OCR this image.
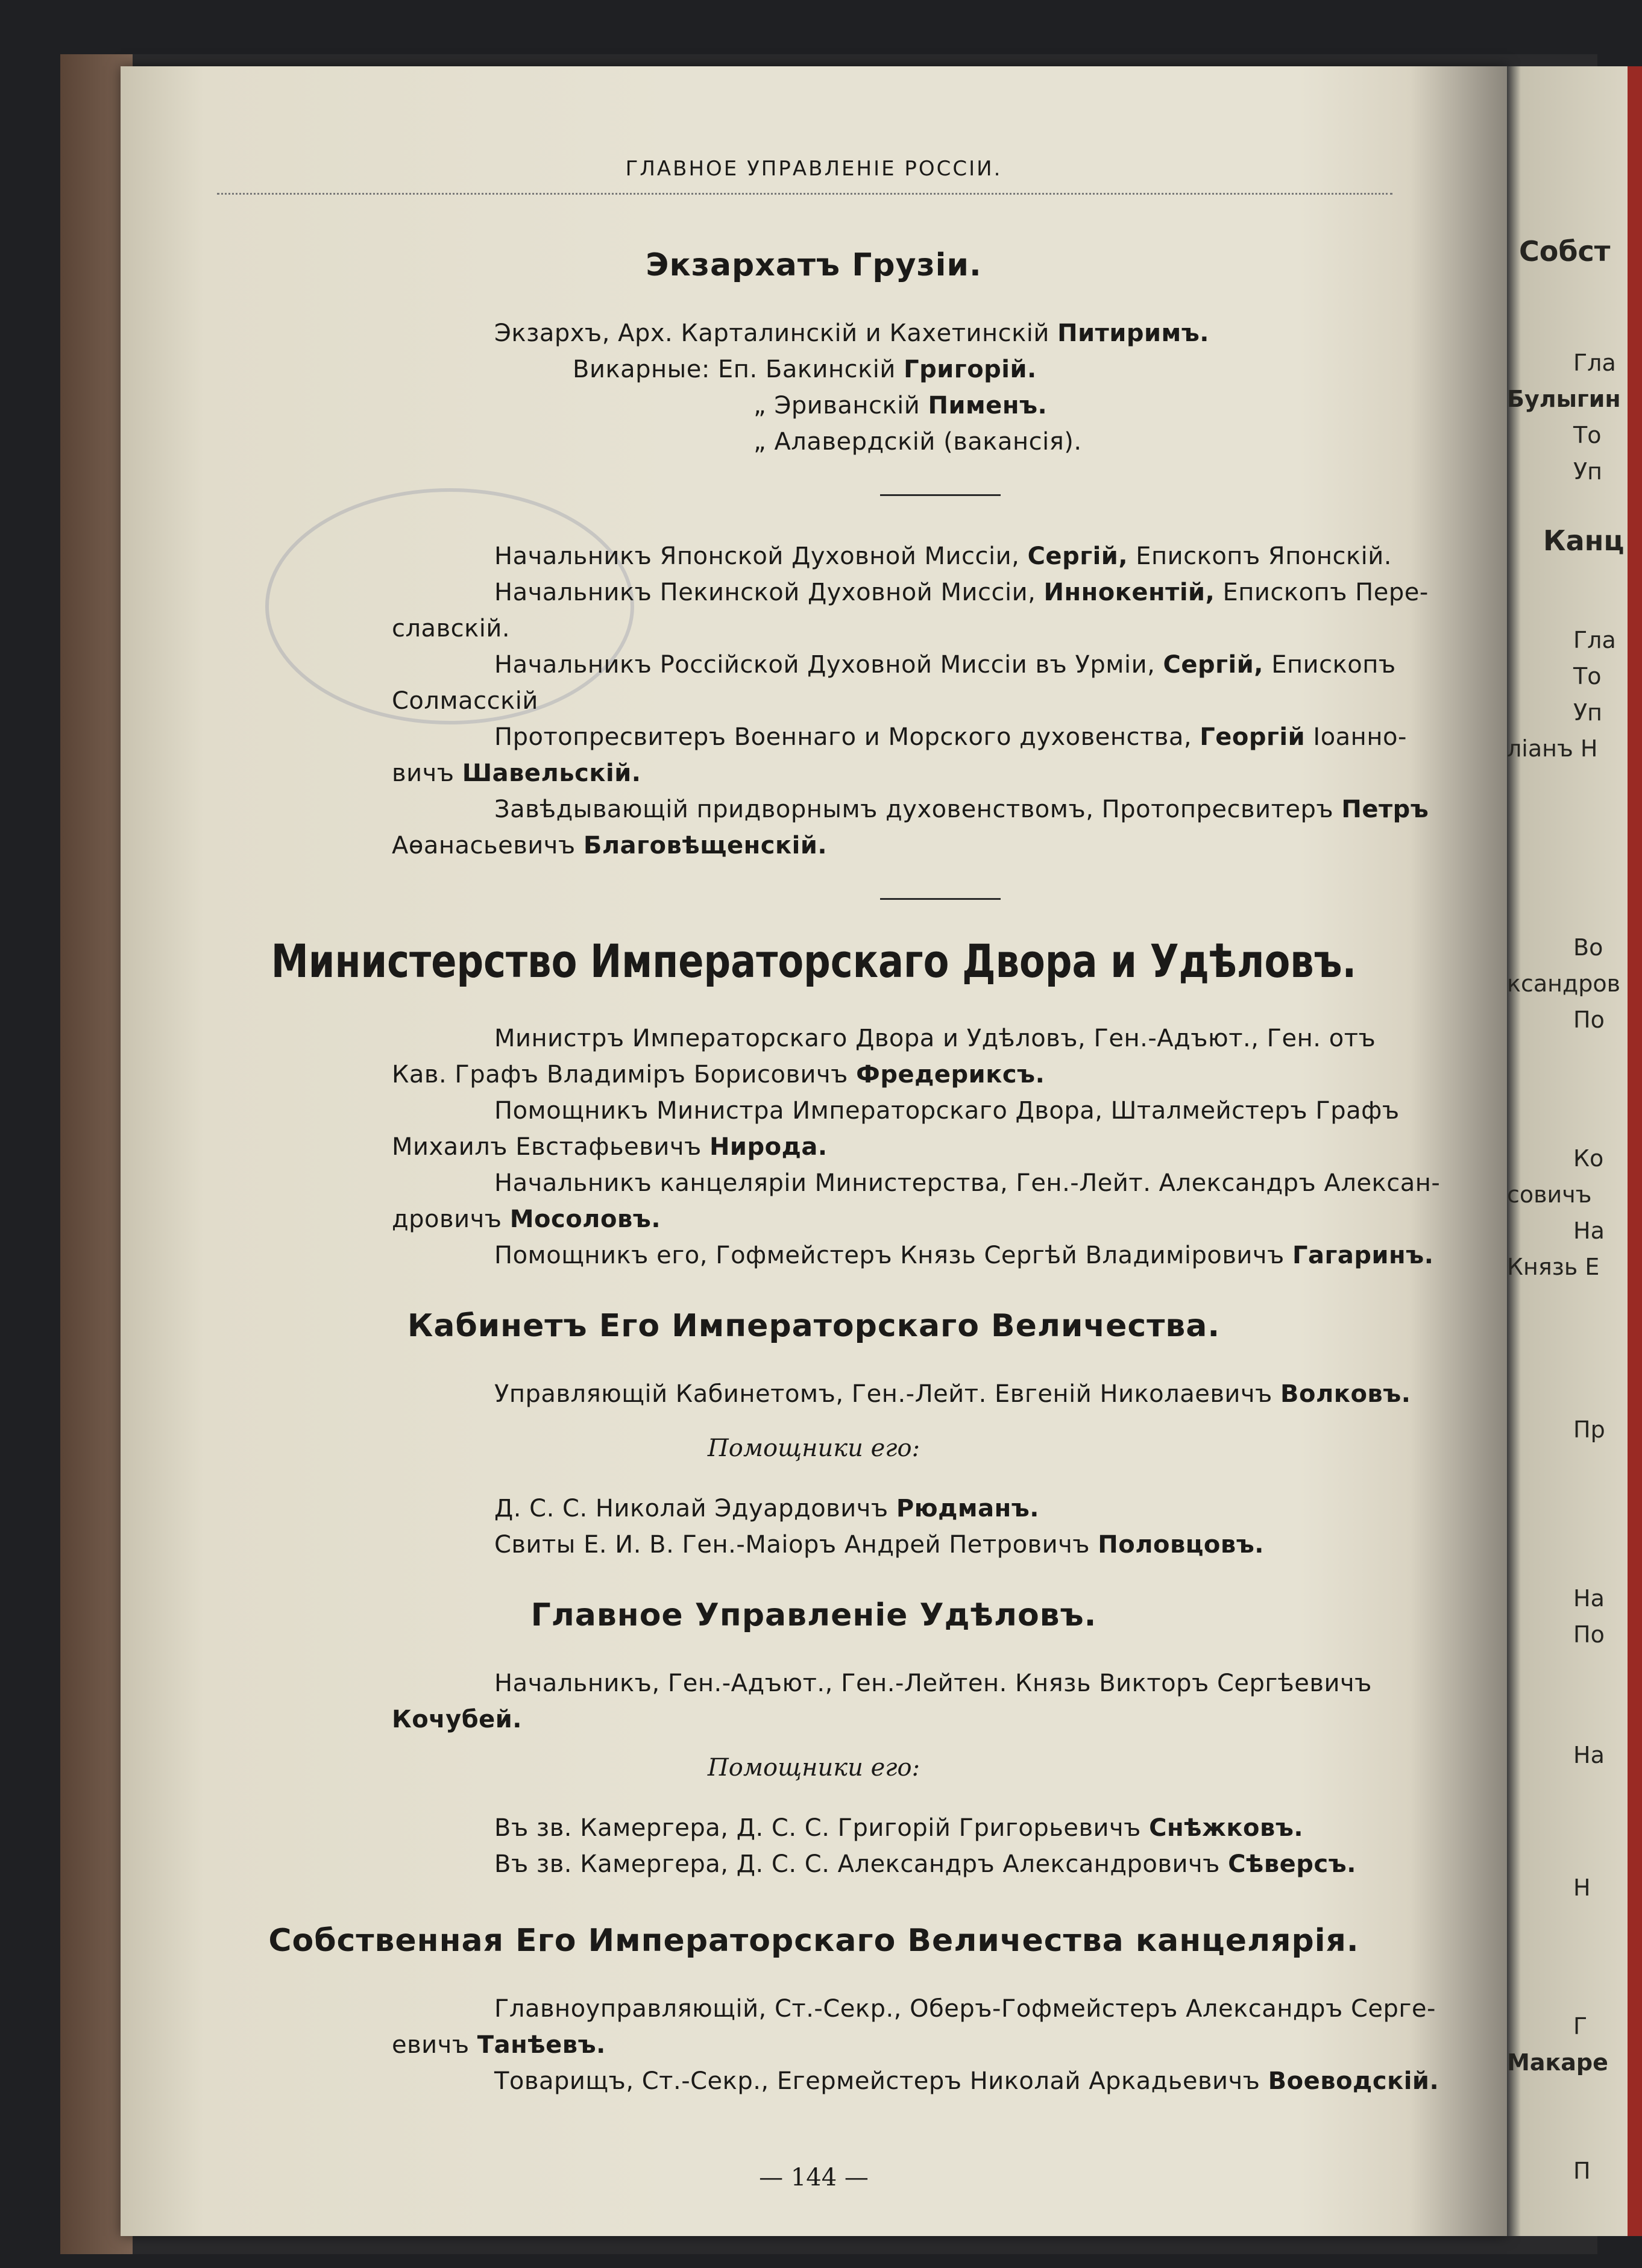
ГЛАВНОЕ УПРАВЛЕНІЕ РОССІИ.
Экзархатъ Грузіи.
Экзархъ, Арх. Карталинскій и Кахетинскій Питиримъ.
Викарные: Еп. Бакинскій Григорій.
„ Эриванскій Пименъ.
„ Алавердскій (вакансія).
Начальникъ Японской Духовной Миссіи, Сергій, Епископъ Японскій.
Начальникъ Пекинской Духовной Миссіи, Иннокентій, Епископъ Пере-
славскій.
Начальникъ Россійской Духовной Миссіи въ Урміи, Сергій, Епископъ
Солмасскій
Протопресвитеръ Военнаго и Морского духовенства, Георгій Іоанно-
вичъ Шавельскій.
Завѣдывающій придворнымъ духовенствомъ, Протопресвитеръ Петръ
Аѳанасьевичъ Благовѣщенскій.
Министерство Императорскаго Двора и Удѣловъ.
Министръ Императорскаго Двора и Удѣловъ, Ген.-Адъют., Ген. отъ
Кав. Графъ Владиміръ Борисовичъ Фредериксъ.
Помощникъ Министра Императорскаго Двора, Шталмейстеръ Графъ
Михаилъ Евстафьевичъ Нирода.
Начальникъ канцеляріи Министерства, Ген.-Лейт. Александръ Алексан-
дровичъ Мосоловъ.
Помощникъ его, Гофмейстеръ Князь Сергѣй Владиміровичъ Гагаринъ.
Кабинетъ Его Императорскаго Величества.
Управляющій Кабинетомъ, Ген.-Лейт. Евгеній Николаевичъ Волковъ.
Помощники его:
Д. С. С. Николай Эдуардовичъ Рюдманъ.
Свиты Е. И. В. Ген.-Маіоръ Андрей Петровичъ Половцовъ.
Главное Управленіе Удѣловъ.
Начальникъ, Ген.-Адъют., Ген.-Лейтен. Князь Викторъ Сергѣевичъ
Кочубей.
Помощники его:
Въ зв. Камергера, Д. С. С. Григорій Григорьевичъ Снѣжковъ.
Въ зв. Камергера, Д. С. С. Александръ Александровичъ Сѣверсъ.
Собственная Его Императорскаго Величества канцелярія.
Главноуправляющій, Ст.-Секр., Оберъ-Гофмейстеръ Александръ Серге-
евичъ Танѣевъ.
Товарищъ, Ст.-Секр., Егермейстеръ Николай Аркадьевичъ Воеводскій.
— 144 —
Собст
Гла
Булыгин
То
Уп
Канц
Гла
То
Уп
ліанъ Н
Во
ксандров
По
Ко
совичъ
На
Князь Е
Пр
На
По
На
Н
Г
Макаре
П
